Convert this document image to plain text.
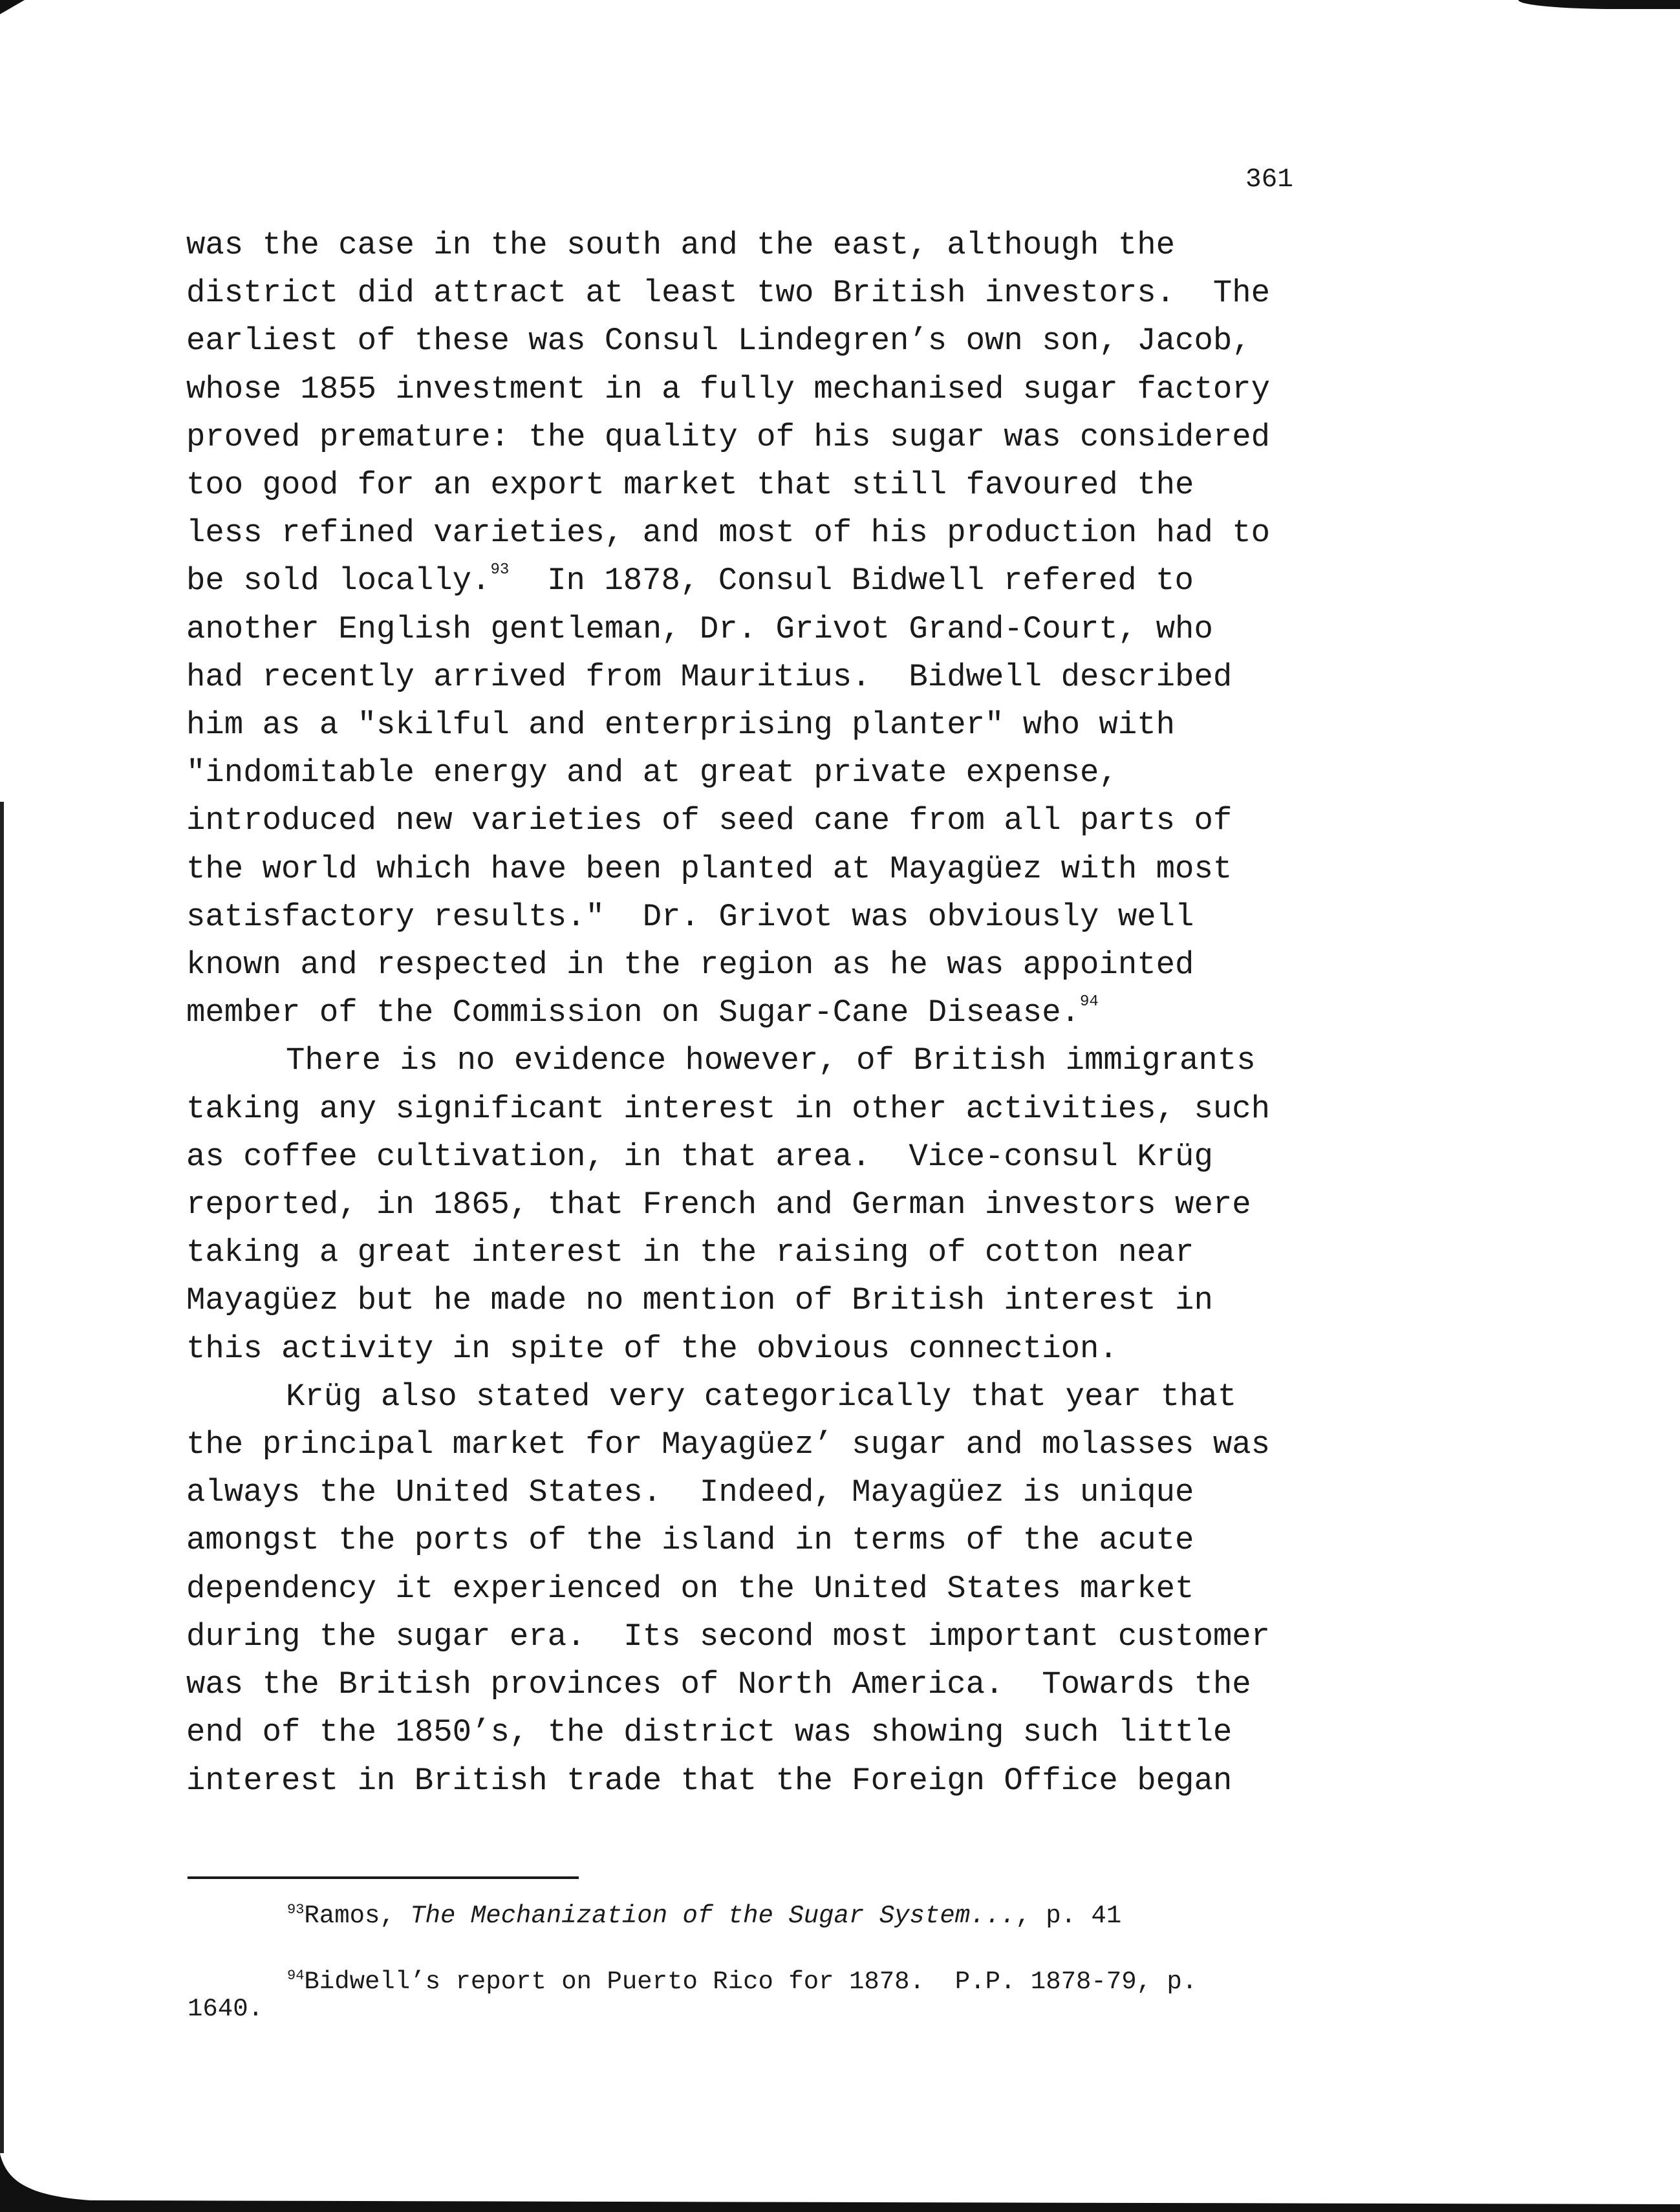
361
was the case in the south and the east, although the
district did attract at least two British investors.  The
earliest of these was Consul Lindegren’s own son, Jacob,
whose 1855 investment in a fully mechanised sugar factory
proved premature: the quality of his sugar was considered
too good for an export market that still favoured the
less refined varieties, and most of his production had to
be sold locally.$^{93}$  In 1878, Consul Bidwell refered to
another English gentleman, Dr. Grivot Grand-Court, who
had recently arrived from Mauritius.  Bidwell described
him as a "skilful and enterprising planter" who with
"indomitable energy and at great private expense,
introduced new varieties of seed cane from all parts of
the world which have been planted at Mayagüez with most
satisfactory results."  Dr. Grivot was obviously well
known and respected in the region as he was appointed
member of the Commission on Sugar-Cane Disease.$^{94}$
There is no evidence however, of British immigrants
taking any significant interest in other activities, such
as coffee cultivation, in that area.  Vice-consul Krüg
reported, in 1865, that French and German investors were
taking a great interest in the raising of cotton near
Mayagüez but he made no mention of British interest in
this activity in spite of the obvious connection.
Krüg also stated very categorically that year that
the principal market for Mayagüez’ sugar and molasses was
always the United States.  Indeed, Mayagüez is unique
amongst the ports of the island in terms of the acute
dependency it experienced on the United States market
during the sugar era.  Its second most important customer
was the British provinces of North America.  Towards the
end of the 1850’s, the district was showing such little
interest in British trade that the Foreign Office began
$^{93}$Ramos, The Mechanization of the Sugar System..., p. 41
$^{94}$Bidwell’s report on Puerto Rico for 1878.  P.P. 1878-79, p.
1640.
